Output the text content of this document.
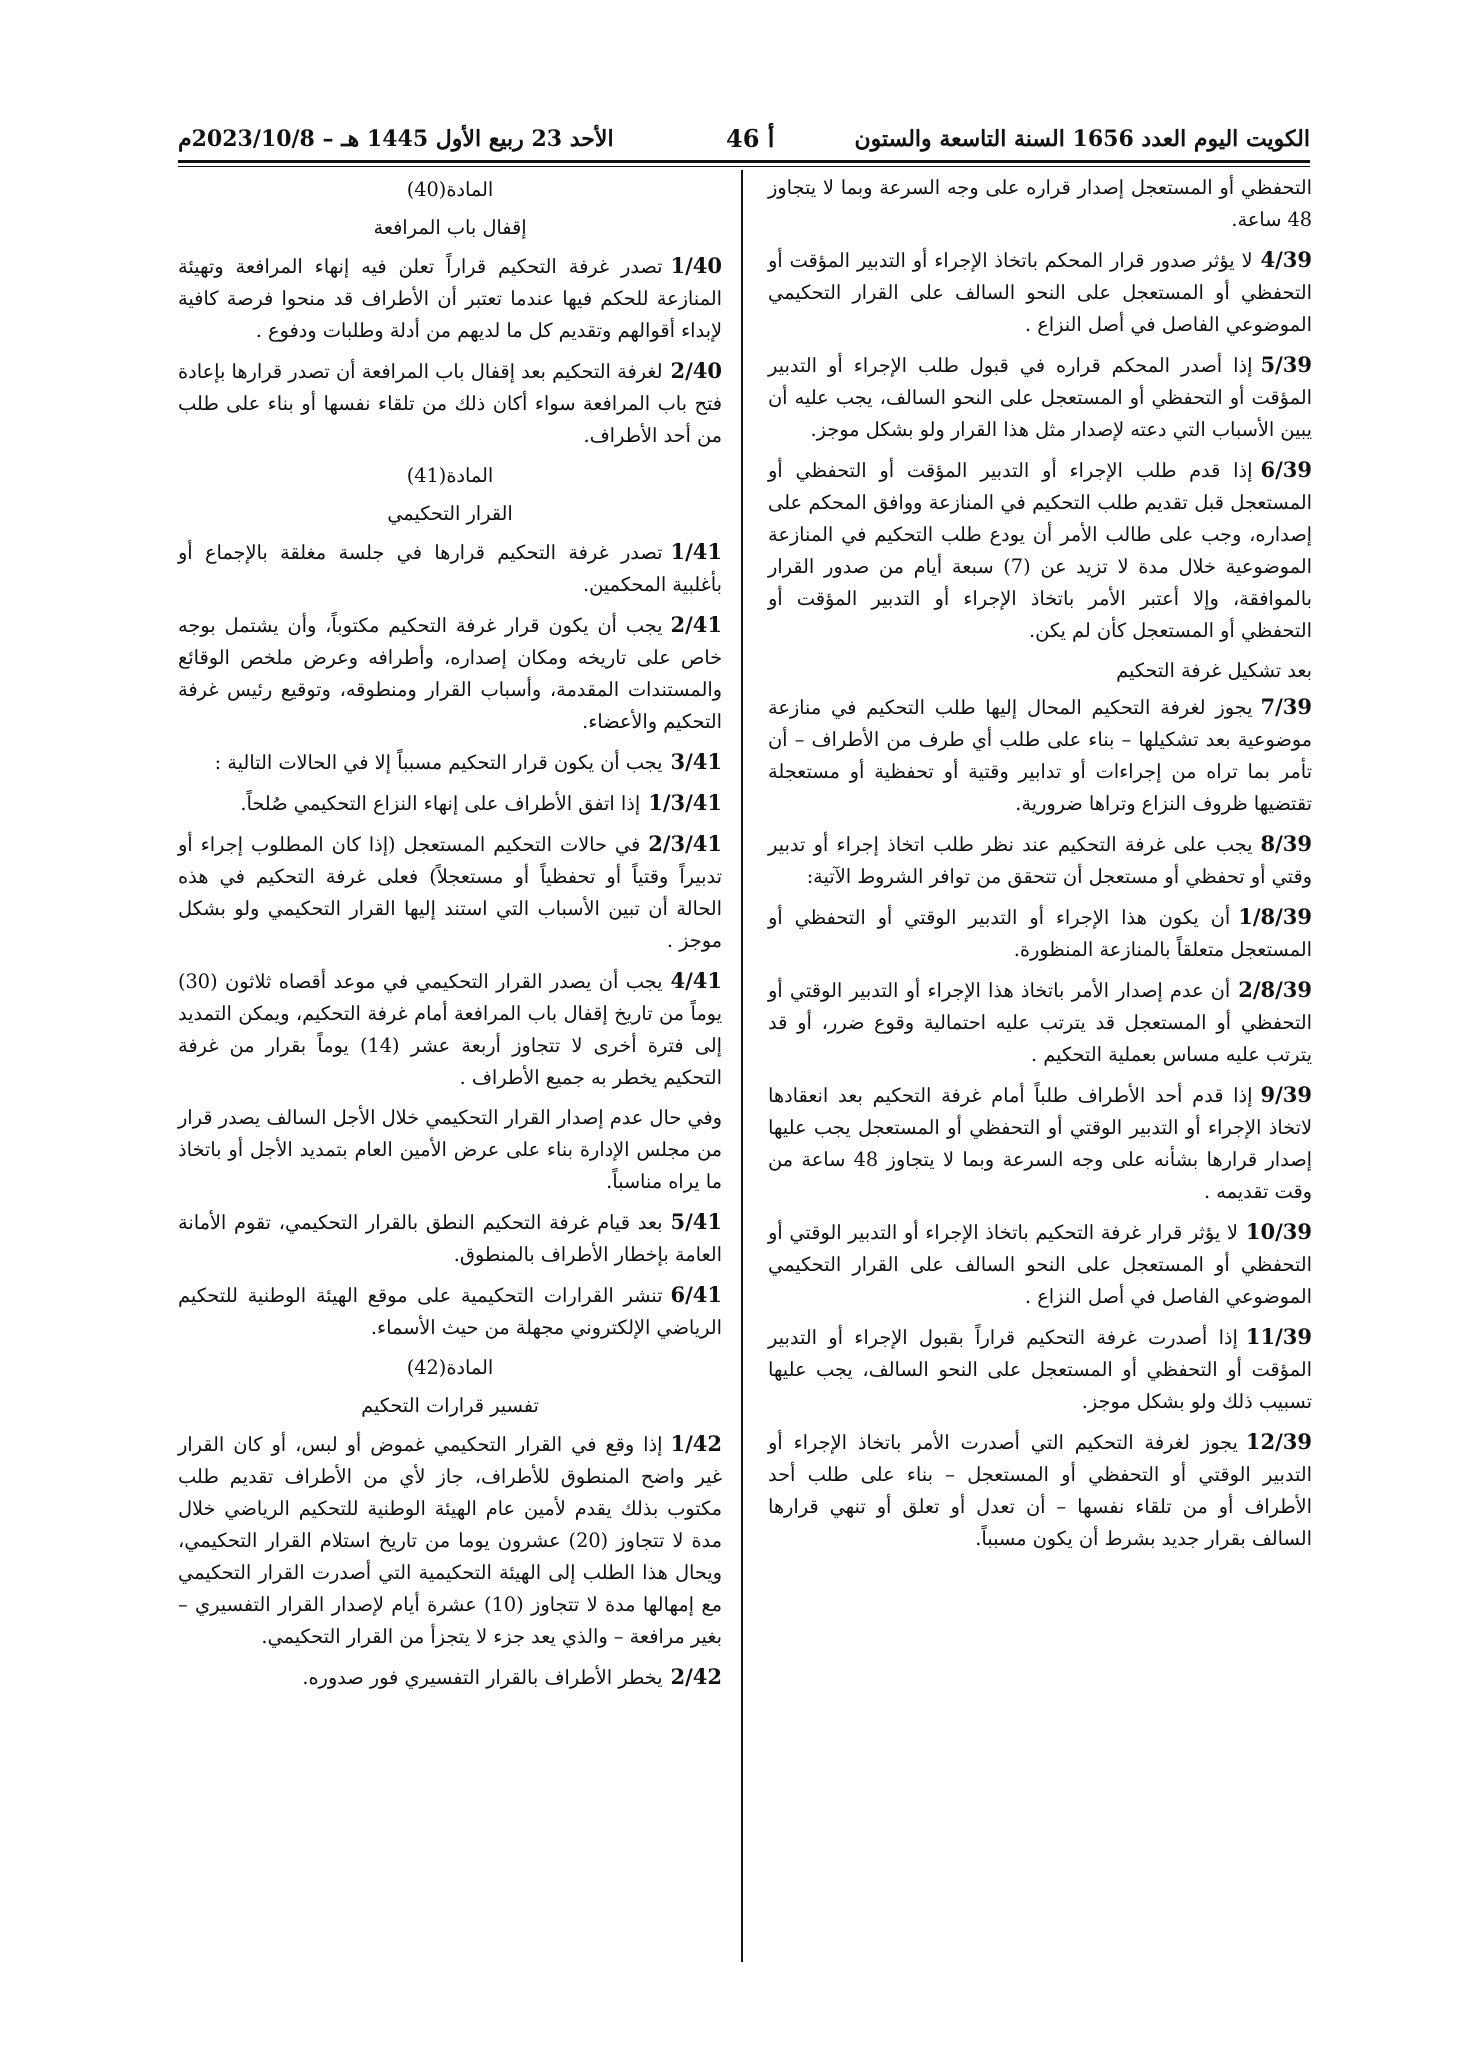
الكويت اليوم العدد 1656 السنة التاسعة والستون
أ 46
الأحد 23 ربيع الأول 1445 هـ – 2023/10/8م

التحفظي أو المستعجل إصدار قراره على وجه السرعة وبما لا يتجاوز 48 ساعة.

4/39لا يؤثر صدور قرار المحكم باتخاذ الإجراء أو التدبير المؤقت أو التحفظي أو المستعجل على النحو السالف على القرار التحكيمي الموضوعي الفاصل في أصل النزاع .

5/39إذا أصدر المحكم قراره في قبول طلب الإجراء أو التدبير المؤقت أو التحفظي أو المستعجل على النحو السالف، يجب عليه أن يبين الأسباب التي دعته لإصدار مثل هذا القرار ولو بشكل موجز.

6/39إذا قدم طلب الإجراء أو التدبير المؤقت أو التحفظي أو المستعجل قبل تقديم طلب التحكيم في المنازعة ووافق المحكم على إصداره، وجب على طالب الأمر أن يودع طلب التحكيم في المنازعة الموضوعية خلال مدة لا تزيد عن (7) سبعة أيام من صدور القرار بالموافقة، وإلا أعتبر الأمر باتخاذ الإجراء أو التدبير المؤقت أو التحفظي أو المستعجل كأن لم يكن.

بعد تشكيل غرفة التحكيم

7/39يجوز لغرفة التحكيم المحال إليها طلب التحكيم في منازعة موضوعية بعد تشكيلها – بناء على طلب أي طرف من الأطراف – أن تأمر بما تراه من إجراءات أو تدابير وقتية أو تحفظية أو مستعجلة تقتضيها ظروف النزاع وتراها ضرورية.

8/39يجب على غرفة التحكيم عند نظر طلب اتخاذ إجراء أو تدبير وقتي أو تحفظي أو مستعجل أن تتحقق من توافر الشروط الآتية:

1/8/39أن يكون هذا الإجراء أو التدبير الوقتي أو التحفظي أو المستعجل متعلقاً بالمنازعة المنظورة.

2/8/39أن عدم إصدار الأمر باتخاذ هذا الإجراء أو التدبير الوقتي أو التحفظي أو المستعجل قد يترتب عليه احتمالية وقوع ضرر، أو قد يترتب عليه مساس بعملية التحكيم .

9/39إذا قدم أحد الأطراف طلباً أمام غرفة التحكيم بعد انعقادها لاتخاذ الإجراء أو التدبير الوقتي أو التحفظي أو المستعجل يجب عليها إصدار قرارها بشأنه على وجه السرعة وبما لا يتجاوز 48 ساعة من وقت تقديمه .

10/39لا يؤثر قرار غرفة التحكيم باتخاذ الإجراء أو التدبير الوقتي أو التحفظي أو المستعجل على النحو السالف على القرار التحكيمي الموضوعي الفاصل في أصل النزاع .

11/39إذا أصدرت غرفة التحكيم قراراً بقبول الإجراء أو التدبير المؤقت أو التحفظي أو المستعجل على النحو السالف، يجب عليها تسبيب ذلك ولو بشكل موجز.

12/39يجوز لغرفة التحكيم التي أصدرت الأمر باتخاذ الإجراء أو التدبير الوقتي أو التحفظي أو المستعجل – بناء على طلب أحد الأطراف أو من تلقاء نفسها – أن تعدل أو تعلق أو تنهي قرارها السالف بقرار جديد بشرط أن يكون مسبباً.

المادة(40)

إقفال باب المرافعة

1/40تصدر غرفة التحكيم قراراً تعلن فيه إنهاء المرافعة وتهيئة المنازعة للحكم فيها عندما تعتبر أن الأطراف قد منحوا فرصة كافية لإبداء أقوالهم وتقديم كل ما لديهم من أدلة وطلبات ودفوع .

2/40لغرفة التحكيم بعد إقفال باب المرافعة أن تصدر قرارها بإعادة فتح باب المرافعة سواء أكان ذلك من تلقاء نفسها أو بناء على طلب من أحد الأطراف.

المادة(41)

القرار التحكيمي

1/41تصدر غرفة التحكيم قرارها في جلسة مغلقة بالإجماع أو بأغلبية المحكمين.

2/41يجب أن يكون قرار غرفة التحكيم مكتوباً، وأن يشتمل بوجه خاص على تاريخه ومكان إصداره، وأطرافه وعرض ملخص الوقائع والمستندات المقدمة، وأسباب القرار ومنطوقه، وتوقيع رئيس غرفة التحكيم والأعضاء.

3/41يجب أن يكون قرار التحكيم مسبباً إلا في الحالات التالية :

1/3/41إذا اتفق الأطراف على إنهاء النزاع التحكيمي صُلحاً.

2/3/41في حالات التحكيم المستعجل (إذا كان المطلوب إجراء أو تدبيراً وقتياً أو تحفظياً أو مستعجلاً) فعلى غرفة التحكيم في هذه الحالة أن تبين الأسباب التي استند إليها القرار التحكيمي ولو بشكل موجز .

4/41يجب أن يصدر القرار التحكيمي في موعد أقصاه ثلاثون (30) يوماً من تاريخ إقفال باب المرافعة أمام غرفة التحكيم، ويمكن التمديد إلى فترة أخرى لا تتجاوز أربعة عشر (14) يوماً بقرار من غرفة التحكيم يخطر به جميع الأطراف .

وفي حال عدم إصدار القرار التحكيمي خلال الأجل السالف يصدر قرار من مجلس الإدارة بناء على عرض الأمين العام بتمديد الأجل أو باتخاذ ما يراه مناسباً.

5/41بعد قيام غرفة التحكيم النطق بالقرار التحكيمي، تقوم الأمانة العامة بإخطار الأطراف بالمنطوق.

6/41تنشر القرارات التحكيمية على موقع الهيئة الوطنية للتحكيم الرياضي الإلكتروني مجهلة من حيث الأسماء.

المادة(42)

تفسير قرارات التحكيم

1/42إذا وقع في القرار التحكيمي غموض أو لبس، أو كان القرار غير واضح المنطوق للأطراف، جاز لأي من الأطراف تقديم طلب مكتوب بذلك يقدم لأمين عام الهيئة الوطنية للتحكيم الرياضي خلال مدة لا تتجاوز (20) عشرون يوما من تاريخ استلام القرار التحكيمي، ويحال هذا الطلب إلى الهيئة التحكيمية التي أصدرت القرار التحكيمي مع إمهالها مدة لا تتجاوز (10) عشرة أيام لإصدار القرار التفسيري – بغير مرافعة – والذي يعد جزء لا يتجزأ من القرار التحكيمي.

2/42يخطر الأطراف بالقرار التفسيري فور صدوره.
